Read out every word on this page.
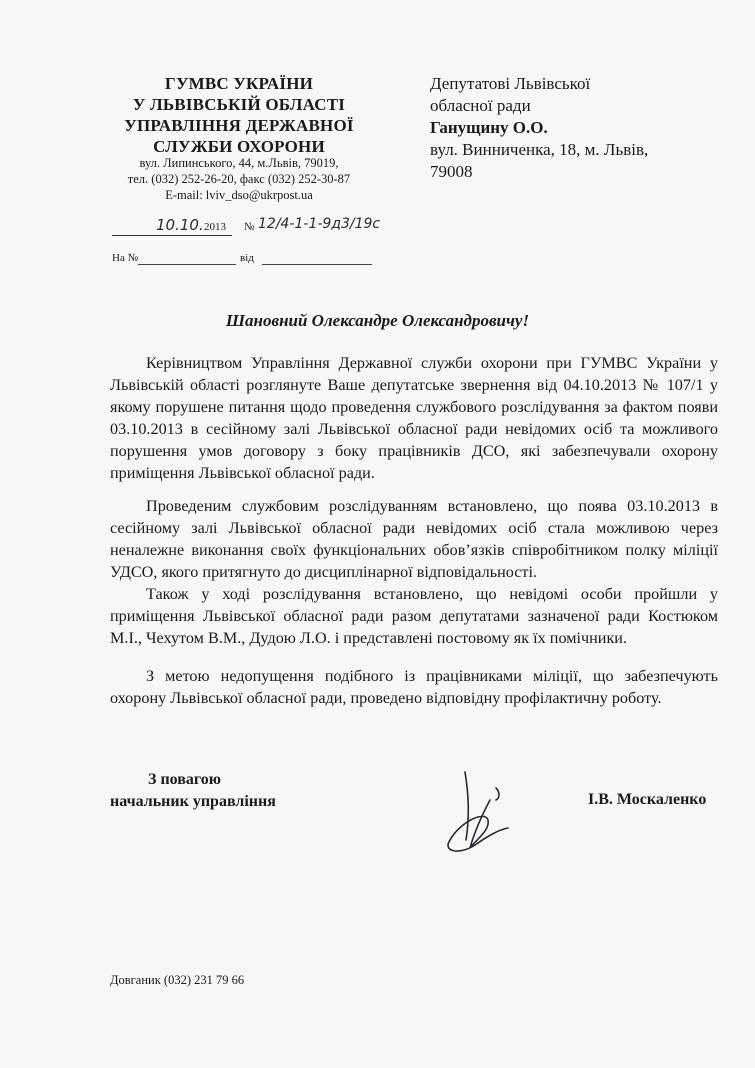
ГУМВС УКРАЇНИ
У ЛЬВІВСЬКІЙ ОБЛАСТІ
УПРАВЛІННЯ ДЕРЖАВНОЇ
СЛУЖБИ ОХОРОНИ
вул. Липинського, 44, м.Львів, 79019,
тел. (032) 252-26-20, факс (032) 252-30-87
E-mail: lviv_dso@ukrpost.ua
10.10. 2013 № 12/4-1-1-9д3/19с
На №	від
Депутатові Львівської
обласної ради
Ганущину О.О.
вул. Винниченка, 18, м. Львів,
79008
Шановний Олександре Олександровичу!
Керівництвом Управління Державної служби охорони при ГУМВС України у Львівській області розглянуте Ваше депутатське звернення від 04.10.2013 № 107/1 у якому порушене питання щодо проведення службового розслідування за фактом появи 03.10.2013 в сесійному залі Львівської обласної ради невідомих осіб та можливого порушення умов договору з боку працівників ДСО, які забезпечували охорону приміщення Львівської обласної ради.
Проведеним службовим розслідуванням встановлено, що поява 03.10.2013 в сесійному залі Львівської обласної ради невідомих осіб стала можливою через неналежне виконання своїх функціональних обов’язків співробітником полку міліції УДСО, якого притягнуто до дисциплінарної відповідальності.
Також у ході розслідування встановлено, що невідомі особи пройшли у приміщення Львівської обласної ради разом депутатами зазначеної ради Костюком М.І., Чехутом В.М., Дудою Л.О. і представлені постовому як їх помічники.
З метою недопущення подібного із працівниками міліції, що забезпечують охорону Львівської обласної ради, проведено відповідну профілактичну роботу.
З повагою
начальник управління	І.В. Москаленко
Довганик (032) 231 79 66
